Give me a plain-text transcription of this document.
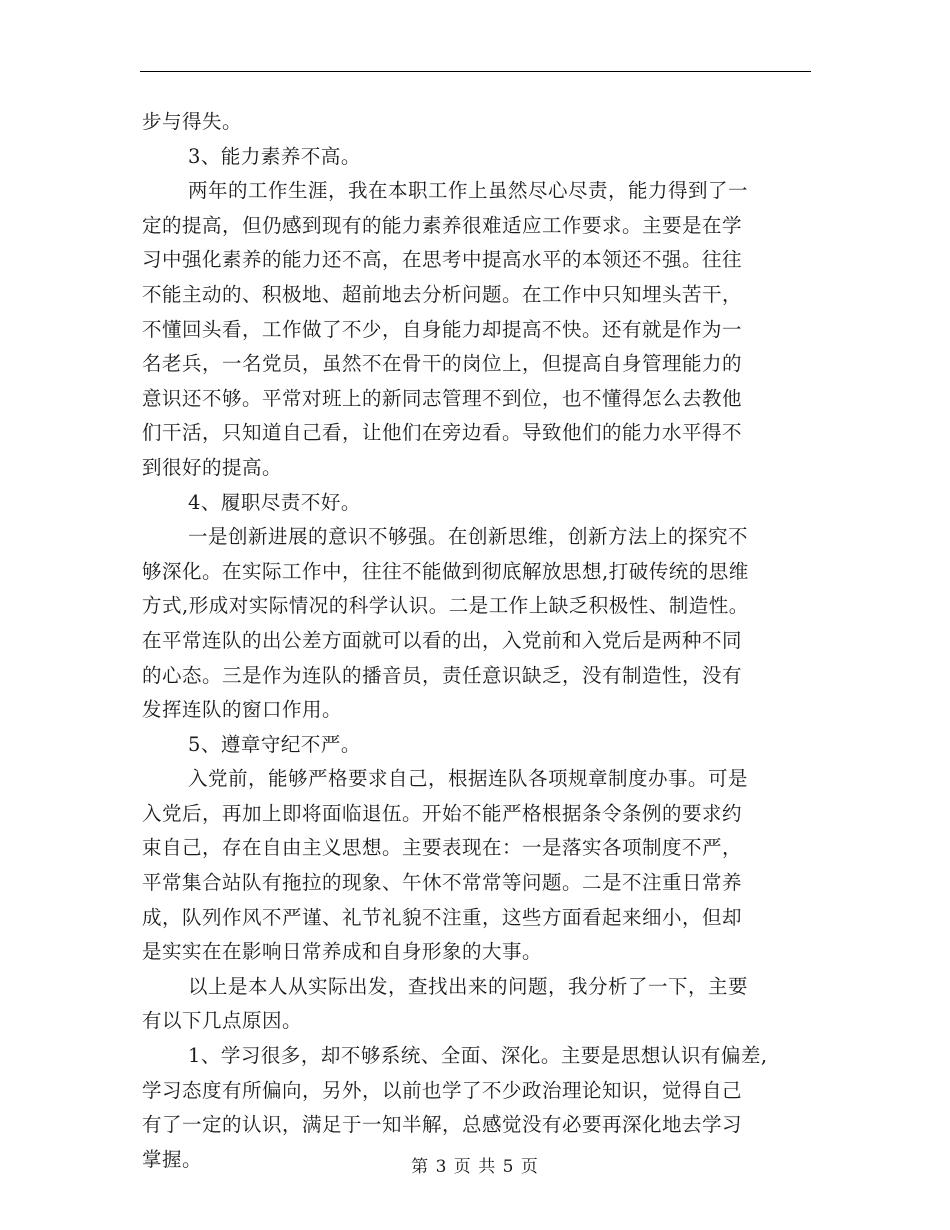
步与得失。
3、能力素养不高。
两年的工作生涯，我在本职工作上虽然尽心尽责，能力得到了一
定的提高，但仍感到现有的能力素养很难适应工作要求。主要是在学
习中强化素养的能力还不高，在思考中提高水平的本领还不强。往往
不能主动的、积极地、超前地去分析问题。在工作中只知埋头苦干，
不懂回头看，工作做了不少，自身能力却提高不快。还有就是作为一
名老兵，一名党员，虽然不在骨干的岗位上，但提高自身管理能力的
意识还不够。平常对班上的新同志管理不到位，也不懂得怎么去教他
们干活，只知道自己看，让他们在旁边看。导致他们的能力水平得不
到很好的提高。
4、履职尽责不好。
一是创新进展的意识不够强。在创新思维，创新方法上的探究不
够深化。在实际工作中，往往不能做到彻底解放思想,打破传统的思维
方式,形成对实际情况的科学认识。二是工作上缺乏积极性、制造性。
在平常连队的出公差方面就可以看的出，入党前和入党后是两种不同
的心态。三是作为连队的播音员，责任意识缺乏，没有制造性，没有
发挥连队的窗口作用。
5、遵章守纪不严。
入党前，能够严格要求自己，根据连队各项规章制度办事。可是
入党后，再加上即将面临退伍。开始不能严格根据条令条例的要求约
束自己，存在自由主义思想。主要表现在：一是落实各项制度不严，
平常集合站队有拖拉的现象、午休不常常等问题。二是不注重日常养
成，队列作风不严谨、礼节礼貌不注重，这些方面看起来细小，但却
是实实在在影响日常养成和自身形象的大事。
以上是本人从实际出发，查找出来的问题，我分析了一下，主要
有以下几点原因。
1、学习很多，却不够系统、全面、深化。主要是思想认识有偏差,
学习态度有所偏向，另外，以前也学了不少政治理论知识，觉得自己
有了一定的认识，满足于一知半解，总感觉没有必要再深化地去学习
掌握。	第 3 页 共 5 页
